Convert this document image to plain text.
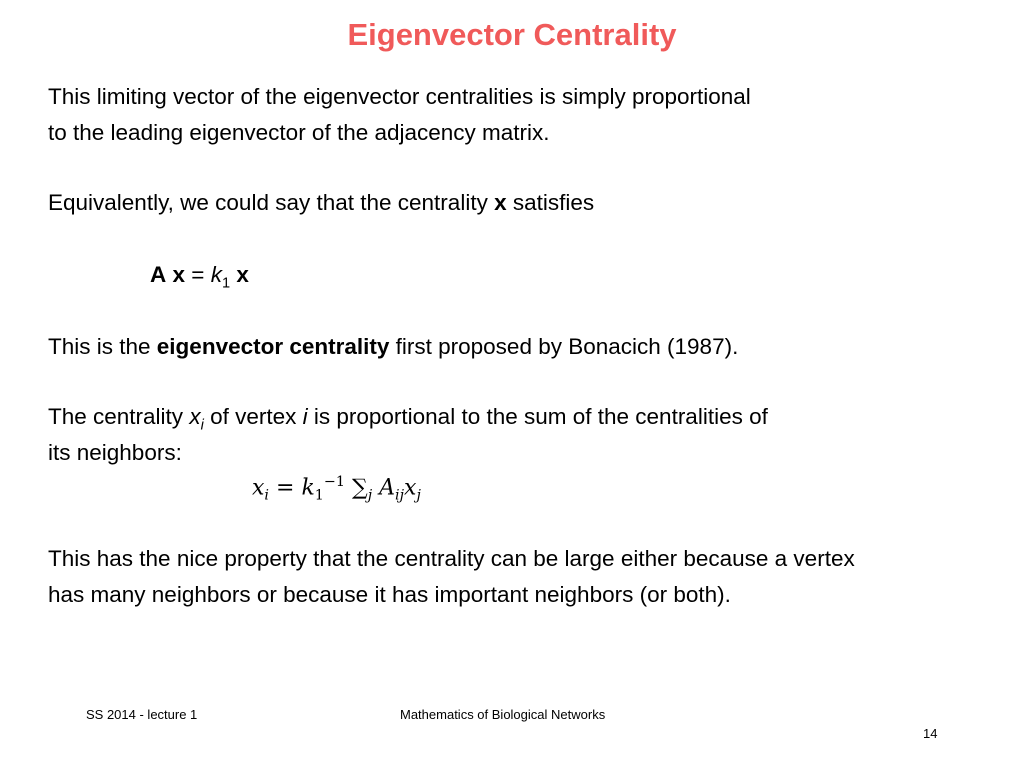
Eigenvector Centrality
This limiting vector of the eigenvector centralities is simply proportional
to the leading eigenvector of the adjacency matrix.
Equivalently, we could say that the centrality x satisfies
A $x = k_1$ x
This is the eigenvector centrality first proposed by Bonacich (1987).
The centrality $x_i$ of vertex i is proportional to the sum of the centralities of
its neighbors:
$x_i = k_1^{-1}$ $\sum_j$ $A_{ij}x_j$
This has the nice property that the centrality can be large either because a vertex
has many neighbors or because it has important neighbors (or both).
SS 2014 - lecture 1	Mathematics of Biological Networks
14
